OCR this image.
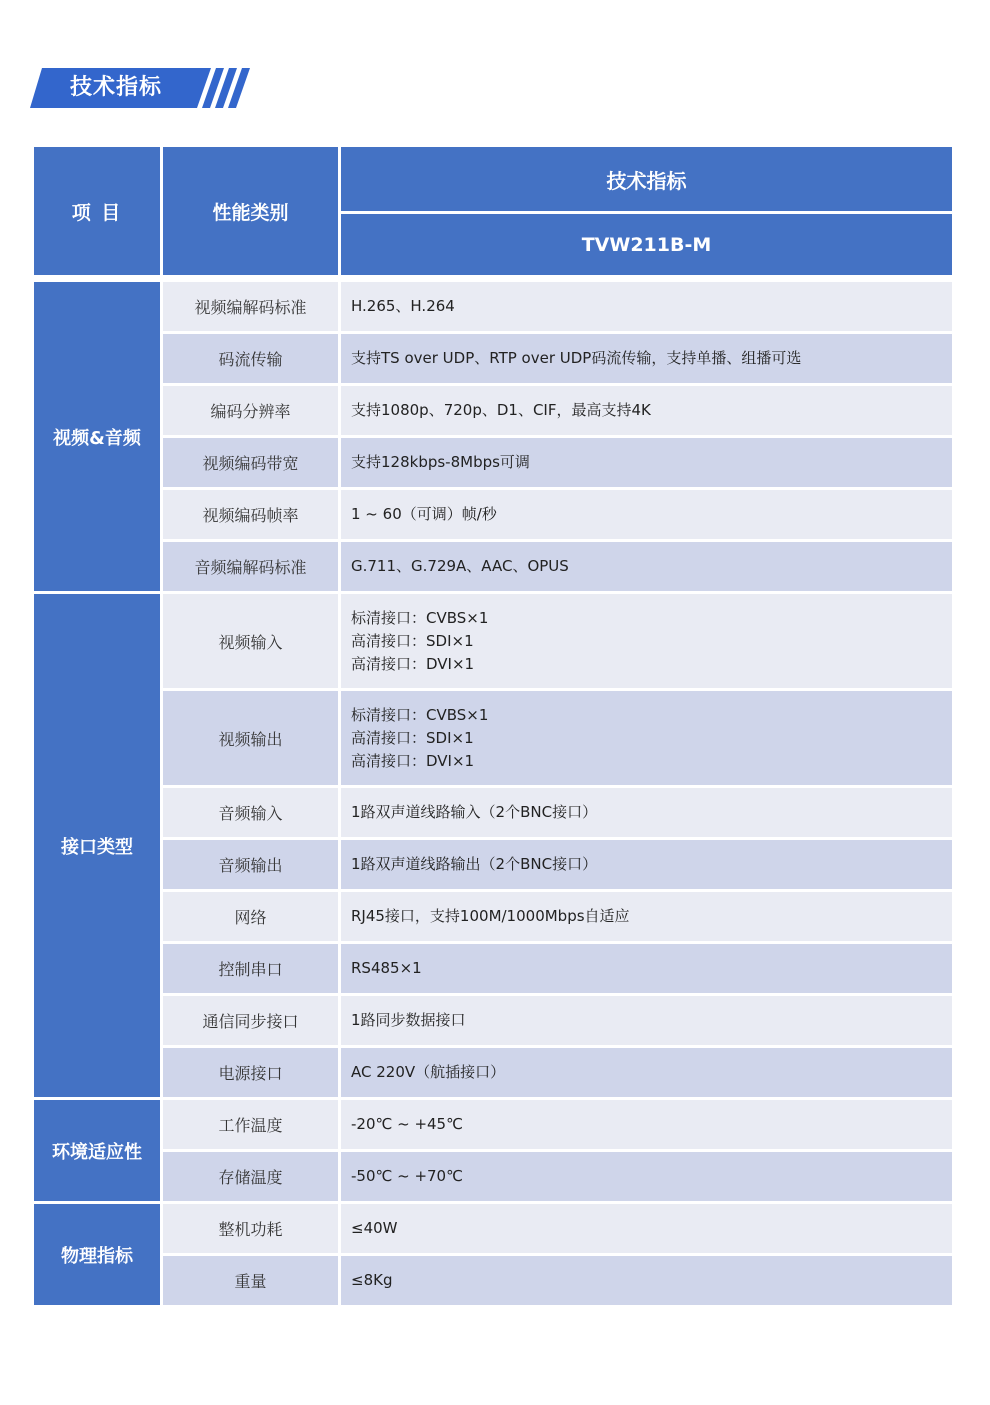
技术指标
项 目	性能类别	技术指标
		TVW211B-M

视频&音频	视频编解码标准	H.265、H.264

	码流传输	支持TS over UDP、RTP over UDP码流传输，支持单播、组播可选

	编码分辨率	支持1080p、720p、D1、CIF，最高支持4K

	视频编码带宽	支持128kbps-8Mbps可调

	视频编码帧率	1 ~ 60（可调）帧/秒

	音频编解码标准	G.711、G.729A、AAC、OPUS

接口类型	视频输入	标清接口：CVBS×1
高清接口：SDI×1
高清接口：DVI×1

	视频输出	标清接口：CVBS×1
高清接口：SDI×1
高清接口：DVI×1

	音频输入	1路双声道线路输入（2个BNC接口）

	音频输出	1路双声道线路输出（2个BNC接口）

	网络	RJ45接口，支持100M/1000Mbps自适应

	控制串口	RS485×1

	通信同步接口	1路同步数据接口

	电源接口	AC 220V（航插接口）

环境适应性	工作温度	-20℃ ~ +45℃

	存储温度	-50℃ ~ +70℃

物理指标	整机功耗	≤40W

	重量	≤8Kg
